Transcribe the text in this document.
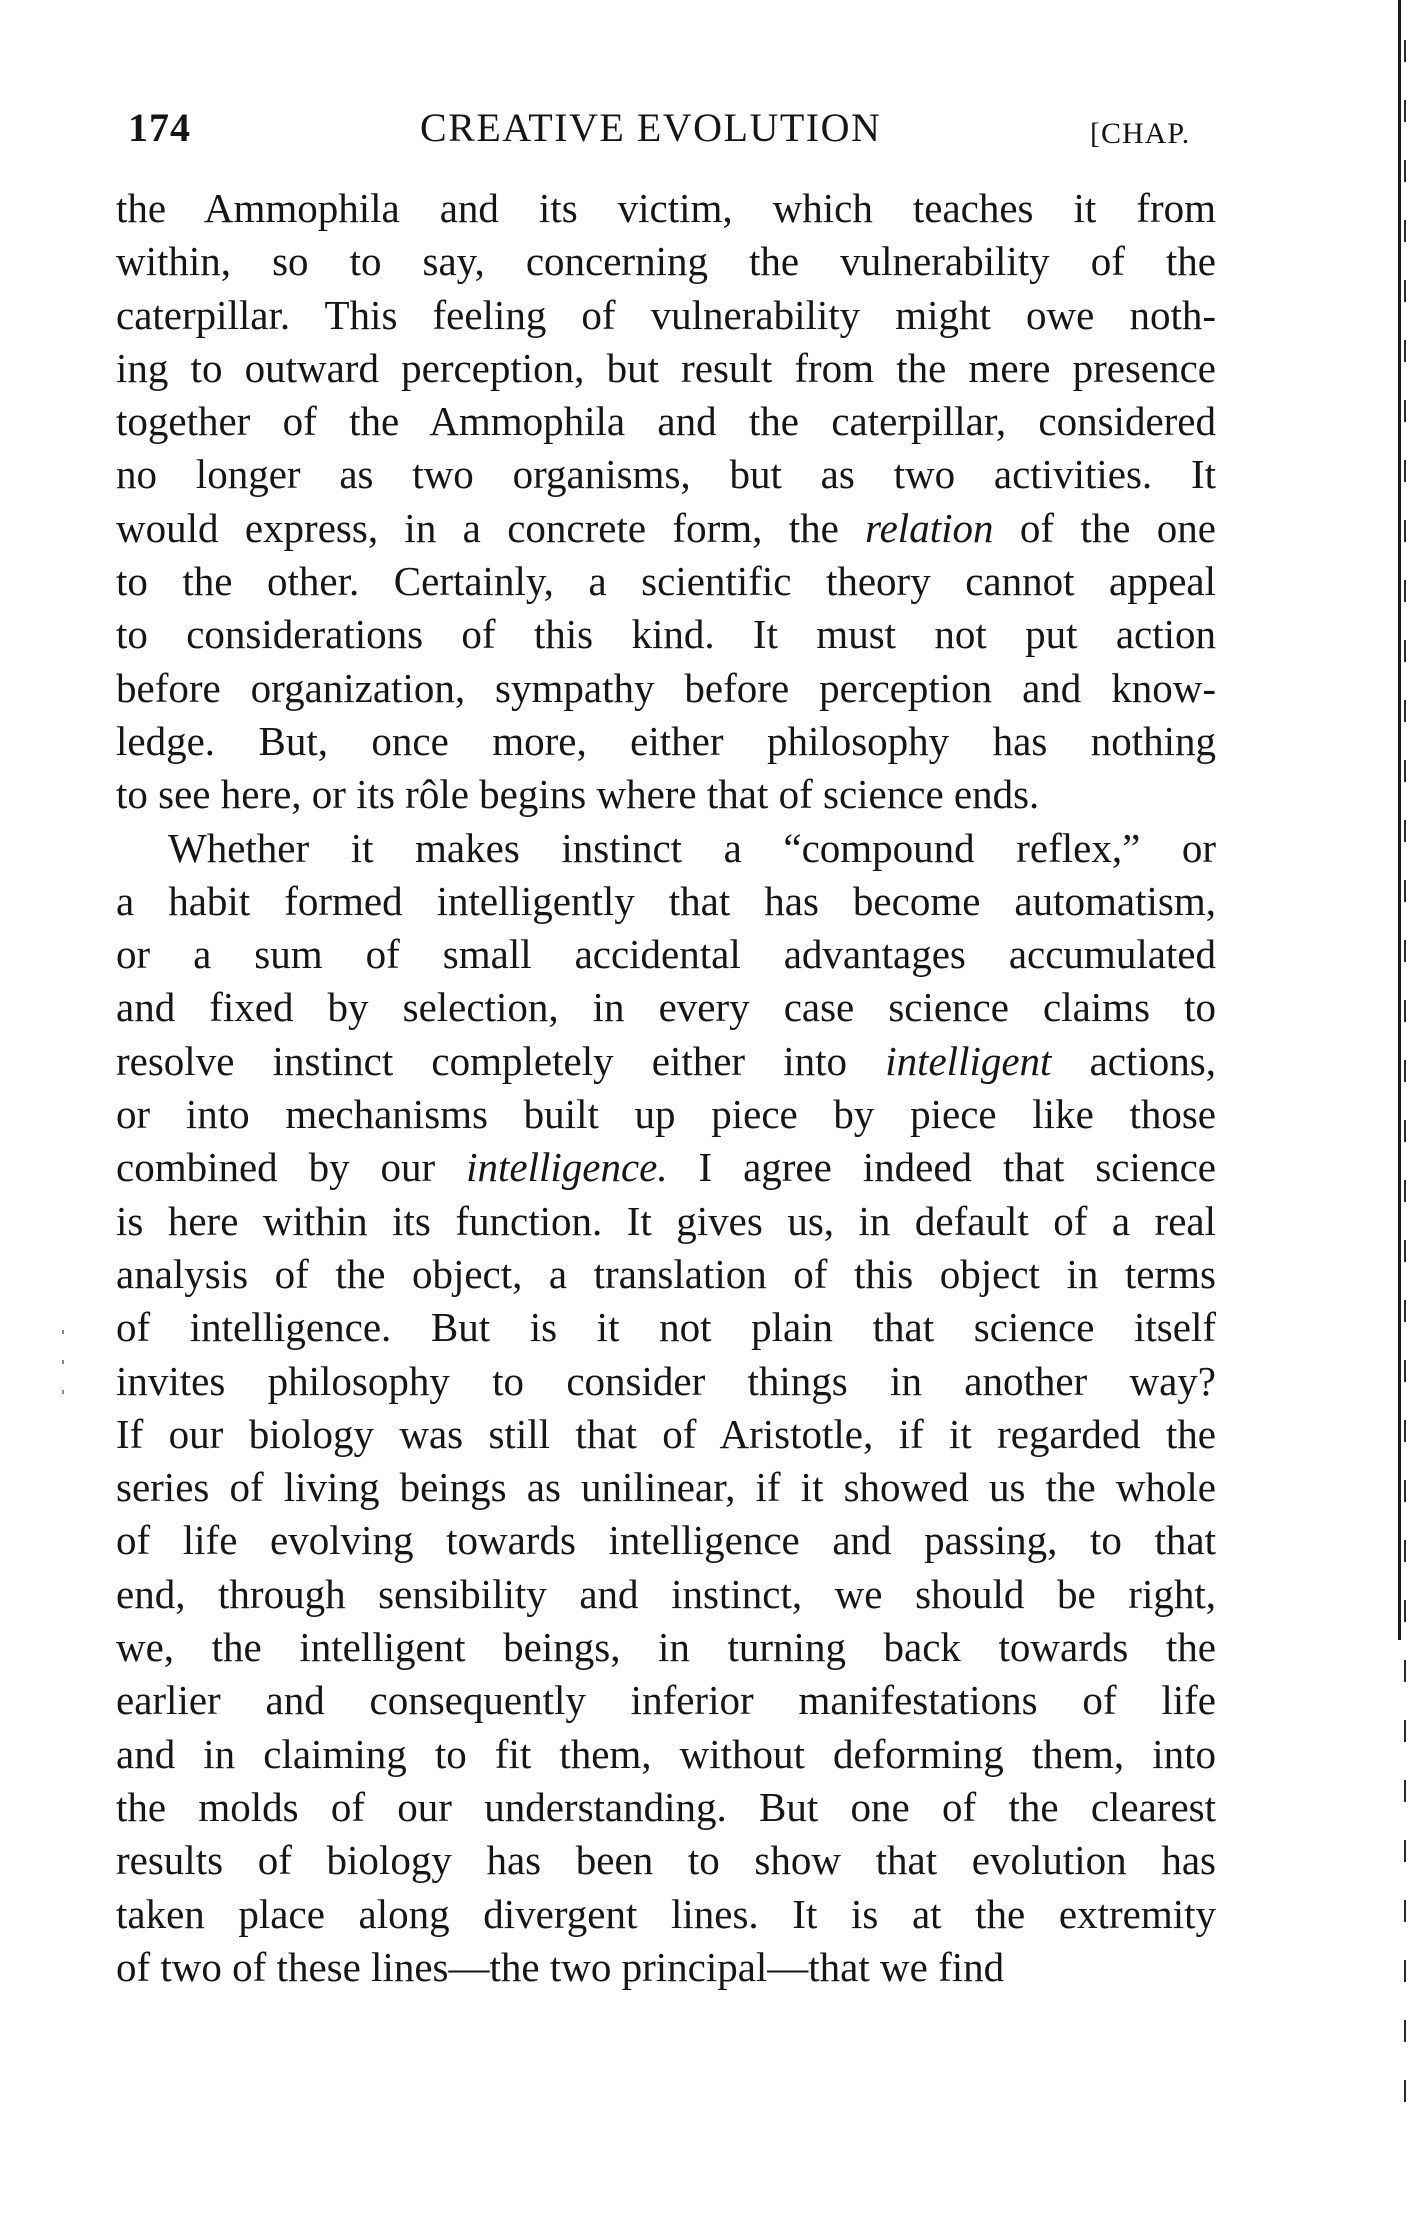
174	CREATIVE EVOLUTION	[CHAP.
the Ammophila and its victim, which teaches it from
within, so to say, concerning the vulnerability of the
caterpillar. This feeling of vulnerability might owe noth-
ing to outward perception, but result from the mere presence
together of the Ammophila and the caterpillar, considered
no longer as two organisms, but as two activities. It
would express, in a concrete form, the relation of the one
to the other. Certainly, a scientific theory cannot appeal
to considerations of this kind. It must not put action
before organization, sympathy before perception and know-
ledge. But, once more, either philosophy has nothing
to see here, or its rôle begins where that of science ends.
Whether it makes instinct a “compound reflex,” or
a habit formed intelligently that has become automatism,
or a sum of small accidental advantages accumulated
and fixed by selection, in every case science claims to
resolve instinct completely either into intelligent actions,
or into mechanisms built up piece by piece like those
combined by our intelligence. I agree indeed that science
is here within its function. It gives us, in default of a real
analysis of the object, a translation of this object in terms
of intelligence. But is it not plain that science itself
invites philosophy to consider things in another way?
If our biology was still that of Aristotle, if it regarded the
series of living beings as unilinear, if it showed us the whole
of life evolving towards intelligence and passing, to that
end, through sensibility and instinct, we should be right,
we, the intelligent beings, in turning back towards the
earlier and consequently inferior manifestations of life
and in claiming to fit them, without deforming them, into
the molds of our understanding. But one of the clearest
results of biology has been to show that evolution has
taken place along divergent lines. It is at the extremity
of two of these lines—the two principal—that we find
